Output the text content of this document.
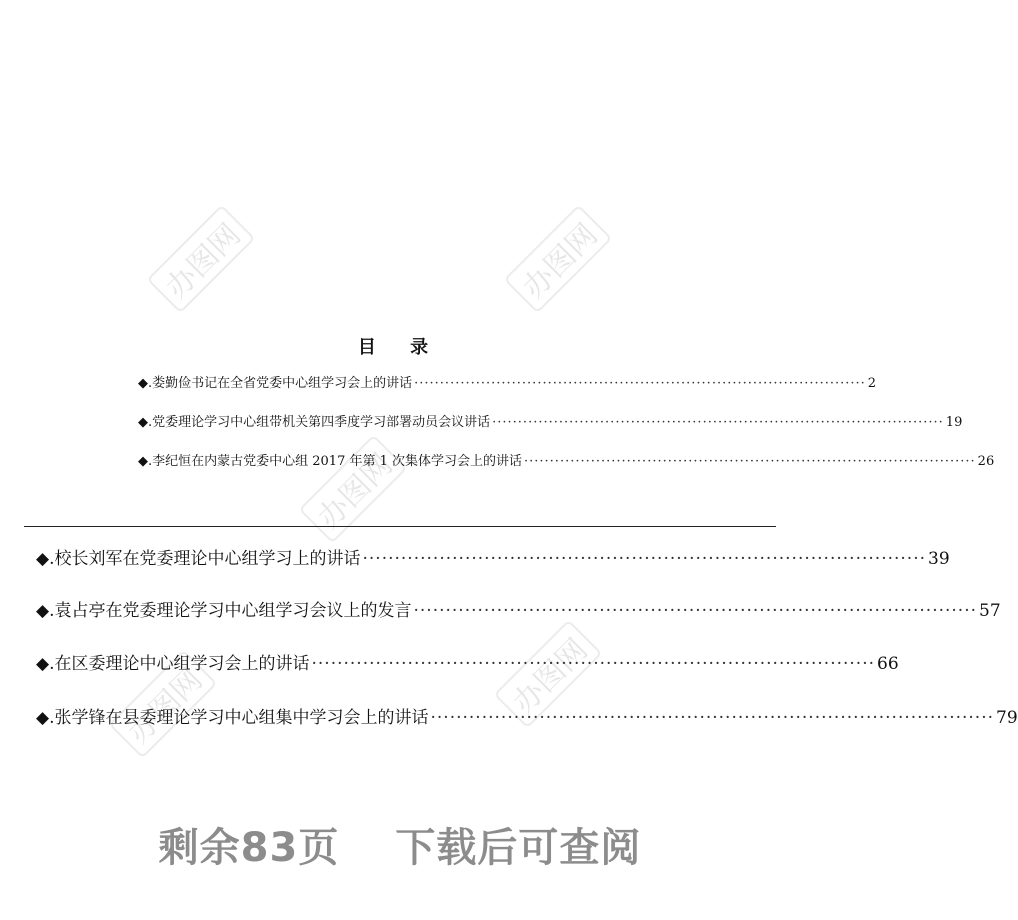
办图网	办图网
办图网
办图网
办图网
目 录
◆.娄勤俭书记在全省党委中心组学习会上的讲话 ························································································ 2
◆.党委理论学习中心组带机关第四季度学习部署动员会议讲话 ························································································ 19
◆.李纪恒在内蒙古党委中心组 2017 年第 1 次集体学习会上的讲话 ························································································ 26
◆.校长刘军在党委理论中心组学习上的讲话 ························································································ 39
◆.袁占亭在党委理论学习中心组学习会议上的发言 ························································································ 57
◆.在区委理论中心组学习会上的讲话 ························································································ 66
◆.张学锋在县委理论学习中心组集中学习会上的讲话 ························································································ 79
剩余83页 下载后可查阅
